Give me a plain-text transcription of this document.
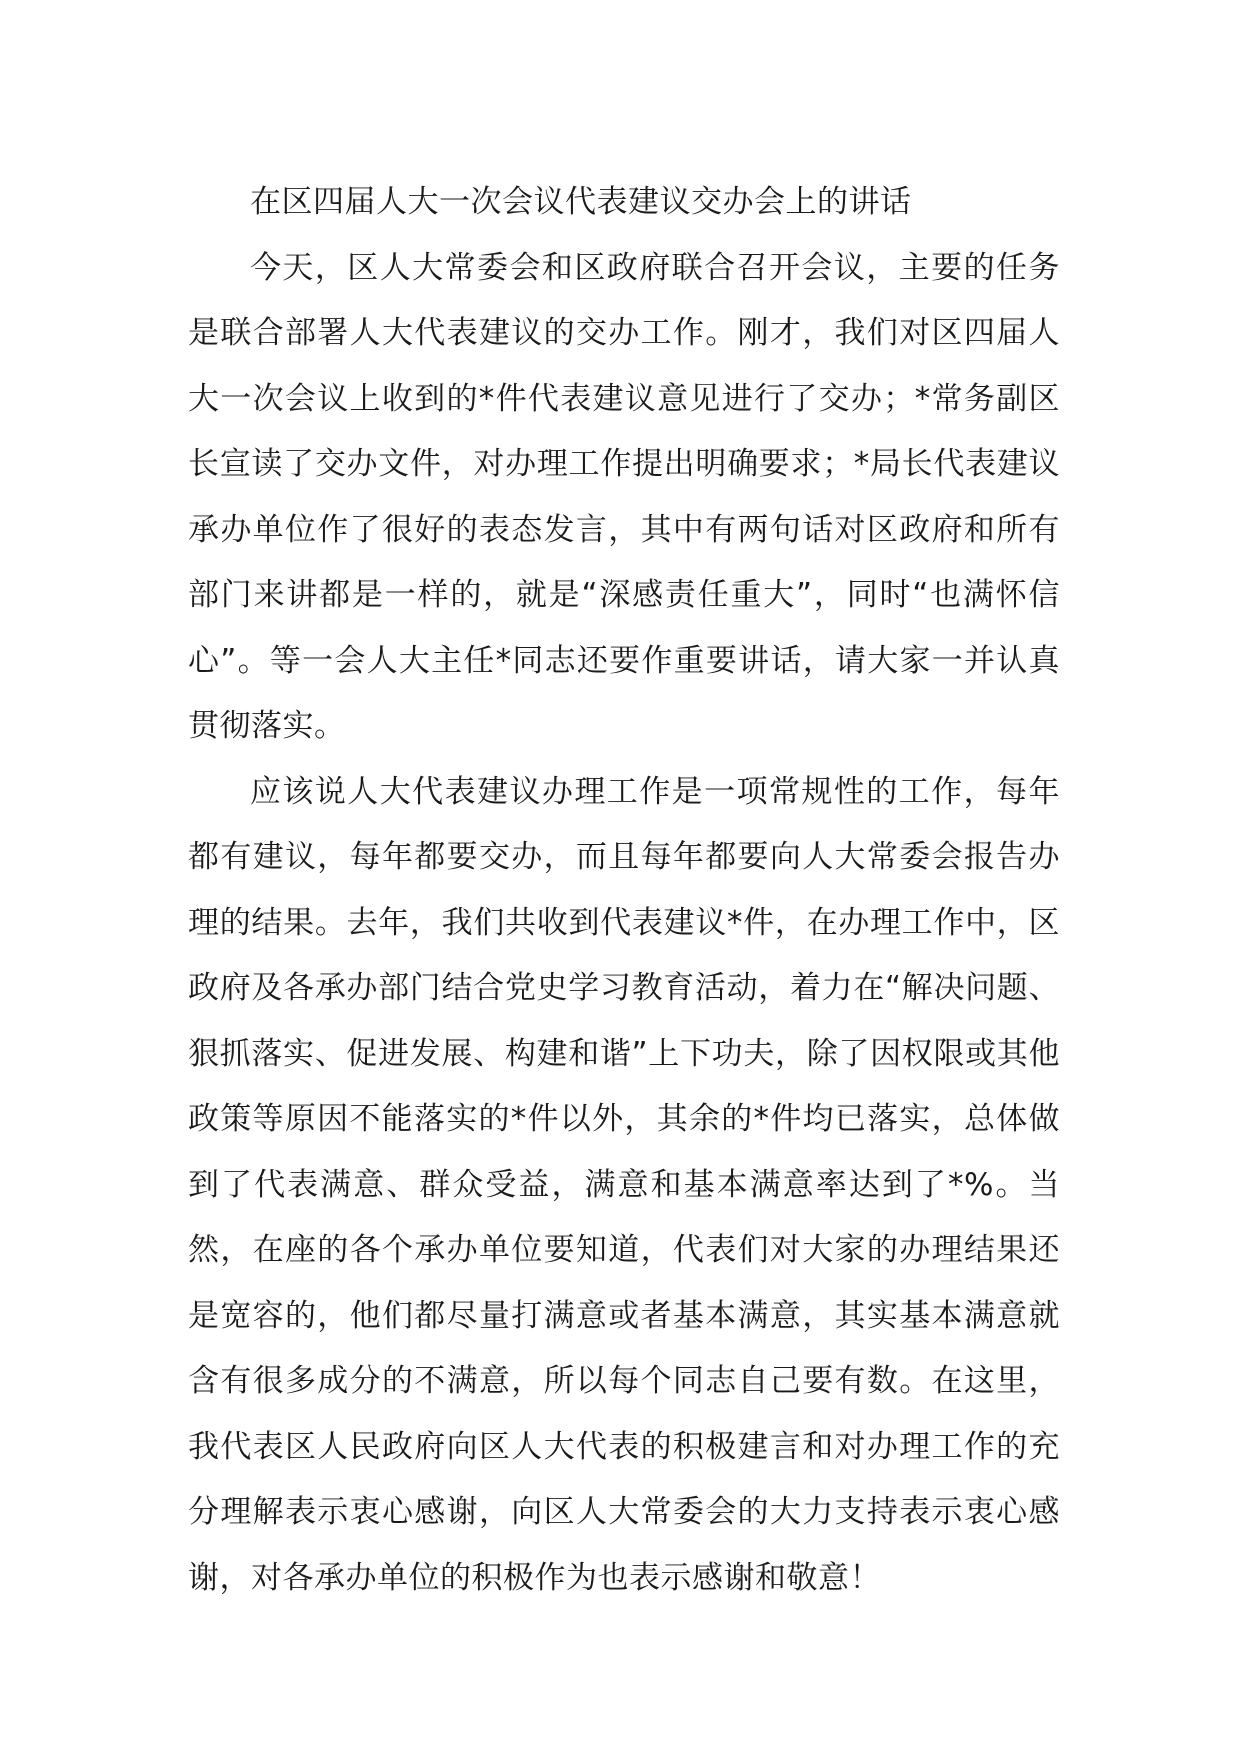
在区四届人大一次会议代表建议交办会上的讲话

今天，区人大常委会和区政府联合召开会议，主要的任务是联合部署人大代表建议的交办工作。刚才，我们对区四届人大一次会议上收到的*件代表建议意见进行了交办；*常务副区长宣读了交办文件，对办理工作提出明确要求；*局长代表建议承办单位作了很好的表态发言，其中有两句话对区政府和所有部门来讲都是一样的，就是“深感责任重大”，同时“也满怀信心”。等一会人大主任*同志还要作重要讲话，请大家一并认真贯彻落实。

应该说人大代表建议办理工作是一项常规性的工作，每年都有建议，每年都要交办，而且每年都要向人大常委会报告办理的结果。去年，我们共收到代表建议*件，在办理工作中，区政府及各承办部门结合党史学习教育活动，着力在“解决问题、狠抓落实、促进发展、构建和谐”上下功夫，除了因权限或其他政策等原因不能落实的*件以外，其余的*件均已落实，总体做到了代表满意、群众受益，满意和基本满意率达到了*%。当然，在座的各个承办单位要知道，代表们对大家的办理结果还是宽容的，他们都尽量打满意或者基本满意，其实基本满意就含有很多成分的不满意，所以每个同志自己要有数。在这里，我代表区人民政府向区人大代表的积极建言和对办理工作的充分理解表示衷心感谢，向区人大常委会的大力支持表示衷心感谢，对各承办单位的积极作为也表示感谢和敬意！
